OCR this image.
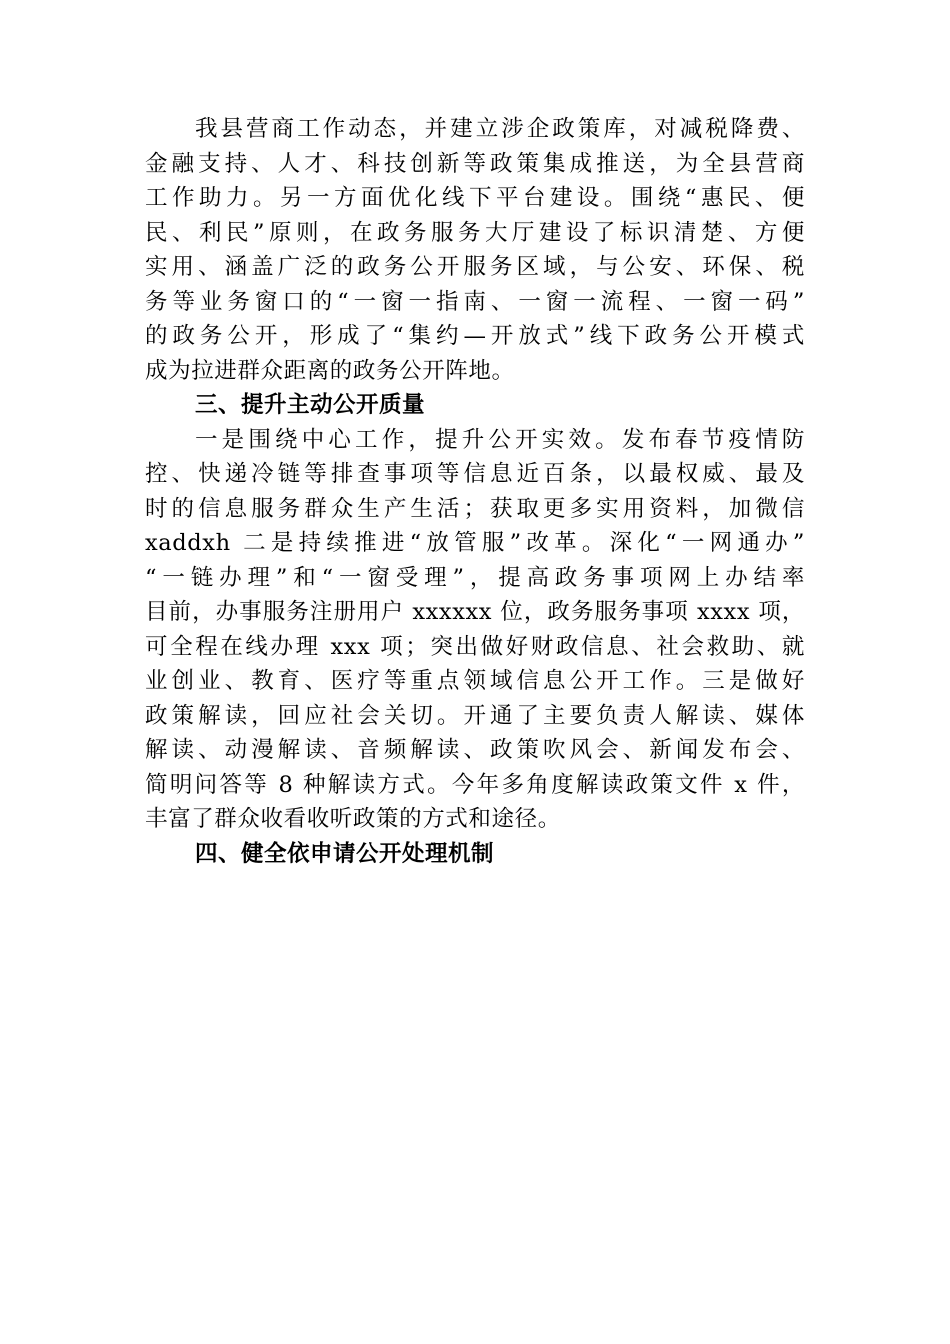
我县营商工作动态，并建立涉企政策库，对减税降费、
金融支持、人才、科技创新等政策集成推送，为全县营商
工作助力。另一方面优化线下平台建设。围绕“惠民、便
民、利民”原则，在政务服务大厅建设了标识清楚、方便
实用、涵盖广泛的政务公开服务区域，与公安、环保、税
务等业务窗口的“一窗一指南、一窗一流程、一窗一码”
的政务公开，形成了“集约—开放式”线下政务公开模式
成为拉进群众距离的政务公开阵地。
三、提升主动公开质量
一是围绕中心工作，提升公开实效。发布春节疫情防
控、快递冷链等排查事项等信息近百条，以最权威、最及
时的信息服务群众生产生活；获取更多实用资料，加微信
xaddxh 二是持续推进“放管服”改革。深化“一网通办”
“一链办理”和“一窗受理”，提高政务事项网上办结率
目前，办事服务注册用户 xxxxxx 位，政务服务事项 xxxx 项，
可全程在线办理 xxx 项；突出做好财政信息、社会救助、就
业创业、教育、医疗等重点领域信息公开工作。三是做好
政策解读，回应社会关切。开通了主要负责人解读、媒体
解读、动漫解读、音频解读、政策吹风会、新闻发布会、
简明问答等 8 种解读方式。今年多角度解读政策文件 x 件，
丰富了群众收看收听政策的方式和途径。
四、健全依申请公开处理机制
